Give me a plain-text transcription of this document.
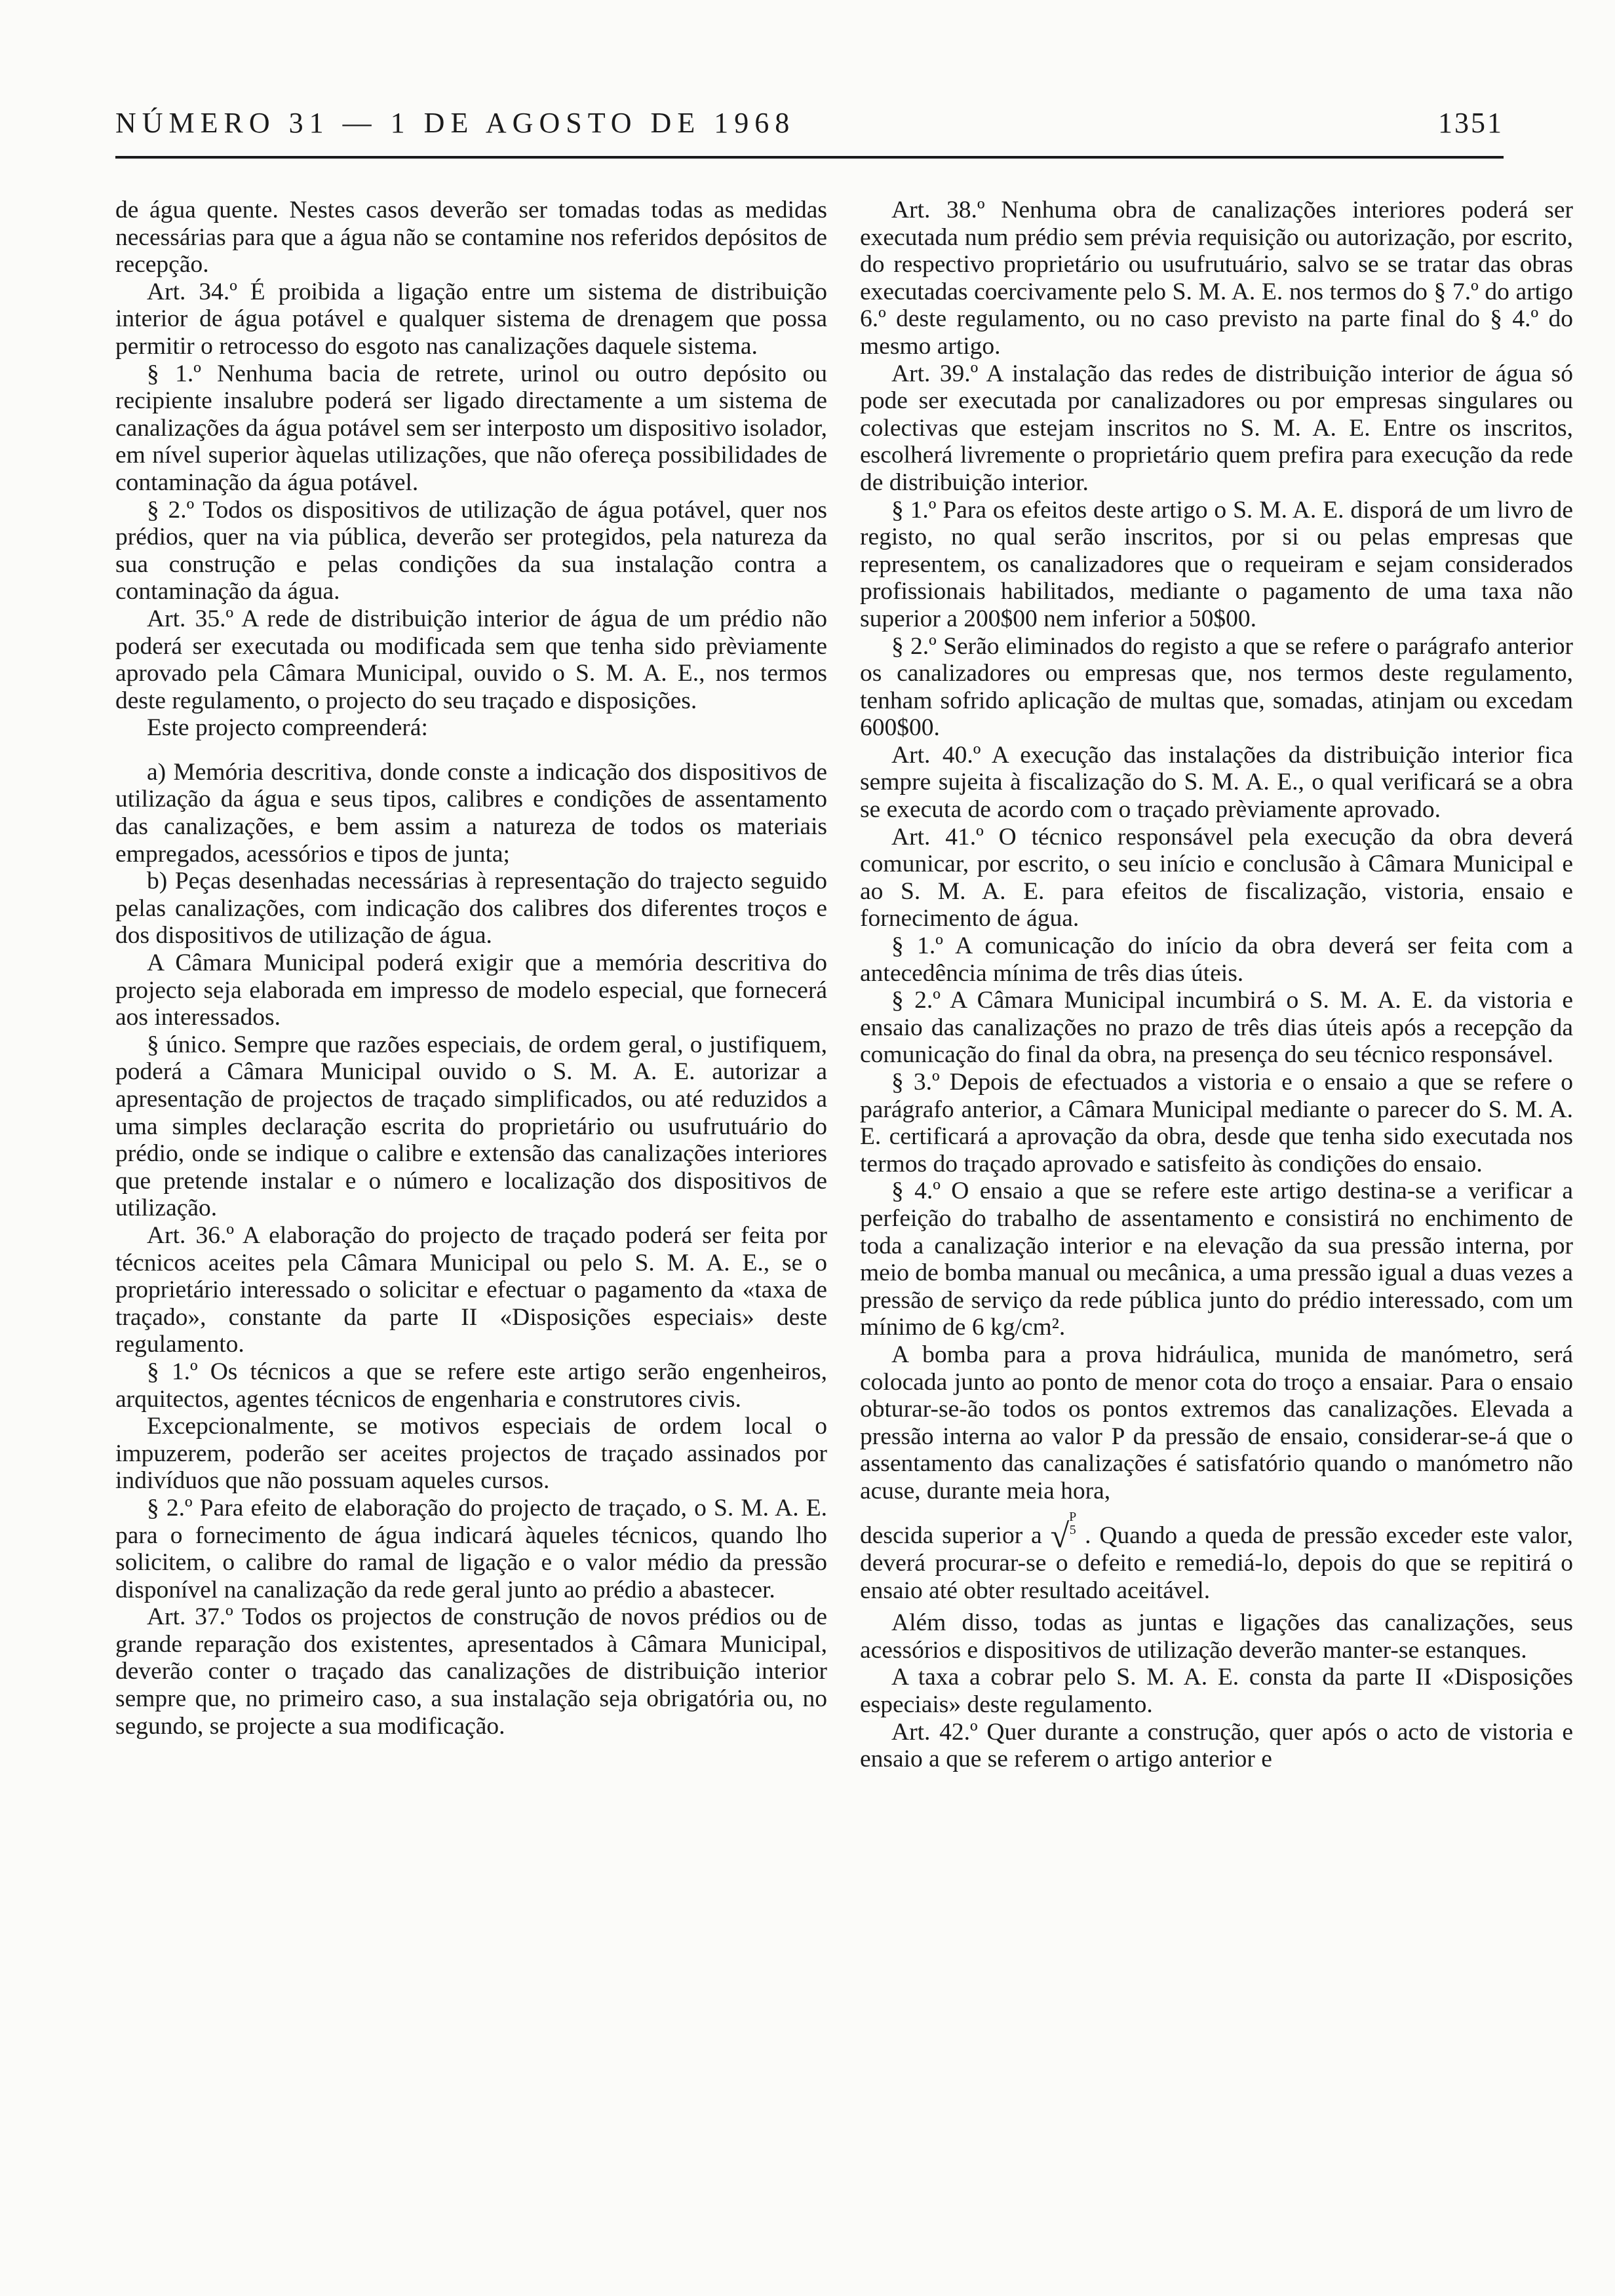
NÚMERO 31 — 1 DE AGOSTO DE 1968	1351

de água quente. Nestes casos deverão ser tomadas todas as medidas necessárias para que a água não se contamine nos referidos depósitos de recepção.

Art. 34.º É proibida a ligação entre um sistema de distribuição interior de água potável e qualquer sistema de drenagem que possa permitir o retrocesso do esgoto nas canalizações daquele sistema.

§ 1.º Nenhuma bacia de retrete, urinol ou outro depósito ou recipiente insalubre poderá ser ligado directamente a um sistema de canalizações da água potável sem ser interposto um dispositivo isolador, em nível superior àquelas utilizações, que não ofereça possibilidades de contaminação da água potável.

§ 2.º Todos os dispositivos de utilização de água potável, quer nos prédios, quer na via pública, deverão ser protegidos, pela natureza da sua construção e pelas condições da sua instalação contra a contaminação da água.

Art. 35.º A rede de distribuição interior de água de um prédio não poderá ser executada ou modificada sem que tenha sido prèviamente aprovado pela Câmara Municipal, ouvido o S. M. A. E., nos termos deste regulamento, o projecto do seu traçado e disposições.

Este projecto compreenderá:

a) Memória descritiva, donde conste a indicação dos dispositivos de utilização da água e seus tipos, calibres e condições de assentamento das canalizações, e bem assim a natureza de todos os materiais empregados, acessórios e tipos de junta;

b) Peças desenhadas necessárias à representação do trajecto seguido pelas canalizações, com indicação dos calibres dos diferentes troços e dos dispositivos de utilização de água.

A Câmara Municipal poderá exigir que a memória descritiva do projecto seja elaborada em impresso de modelo especial, que fornecerá aos interessados.

§ único. Sempre que razões especiais, de ordem geral, o justifiquem, poderá a Câmara Municipal ouvido o S. M. A. E. autorizar a apresentação de projectos de traçado simplificados, ou até reduzidos a uma simples declaração escrita do proprietário ou usufrutuário do prédio, onde se indique o calibre e extensão das canalizações interiores que pretende instalar e o número e localização dos dispositivos de utilização.

Art. 36.º A elaboração do projecto de traçado poderá ser feita por técnicos aceites pela Câmara Municipal ou pelo S. M. A. E., se o proprietário interessado o solicitar e efectuar o pagamento da «taxa de traçado», constante da parte II «Disposições especiais» deste regulamento.

§ 1.º Os técnicos a que se refere este artigo serão engenheiros, arquitectos, agentes técnicos de engenharia e construtores civis.

Excepcionalmente, se motivos especiais de ordem local o impuzerem, poderão ser aceites projectos de traçado assinados por indivíduos que não possuam aqueles cursos.

§ 2.º Para efeito de elaboração do projecto de traçado, o S. M. A. E. para o fornecimento de água indicará àqueles técnicos, quando lho solicitem, o calibre do ramal de ligação e o valor médio da pressão disponível na canalização da rede geral junto ao prédio a abastecer.

Art. 37.º Todos os projectos de construção de novos prédios ou de grande reparação dos existentes, apresentados à Câmara Municipal, deverão conter o traçado das canalizações de distribuição interior sempre que, no primeiro caso, a sua instalação seja obrigatória ou, no segundo, se projecte a sua modificação.

Art. 38.º Nenhuma obra de canalizações interiores poderá ser executada num prédio sem prévia requisição ou autorização, por escrito, do respectivo proprietário ou usufrutuário, salvo se se tratar das obras executadas coercivamente pelo S. M. A. E. nos termos do § 7.º do artigo 6.º deste regulamento, ou no caso previsto na parte final do § 4.º do mesmo artigo.

Art. 39.º A instalação das redes de distribuição interior de água só pode ser executada por canalizadores ou por empresas singulares ou colectivas que estejam inscritos no S. M. A. E. Entre os inscritos, escolherá livremente o proprietário quem prefira para execução da rede de distribuição interior.

§ 1.º Para os efeitos deste artigo o S. M. A. E. disporá de um livro de registo, no qual serão inscritos, por si ou pelas empresas que representem, os canalizadores que o requeiram e sejam considerados profissionais habilitados, mediante o pagamento de uma taxa não superior a 200$00 nem inferior a 50$00.

§ 2.º Serão eliminados do registo a que se refere o parágrafo anterior os canalizadores ou empresas que, nos termos deste regulamento, tenham sofrido aplicação de multas que, somadas, atinjam ou excedam 600$00.

Art. 40.º A execução das instalações da distribuição interior fica sempre sujeita à fiscalização do S. M. A. E., o qual verificará se a obra se executa de acordo com o traçado prèviamente aprovado.

Art. 41.º O técnico responsável pela execução da obra deverá comunicar, por escrito, o seu início e conclusão à Câmara Municipal e ao S. M. A. E. para efeitos de fiscalização, vistoria, ensaio e fornecimento de água.

§ 1.º A comunicação do início da obra deverá ser feita com a antecedência mínima de três dias úteis.

§ 2.º A Câmara Municipal incumbirá o S. M. A. E. da vistoria e ensaio das canalizações no prazo de três dias úteis após a recepção da comunicação do final da obra, na presença do seu técnico responsável.

§ 3.º Depois de efectuados a vistoria e o ensaio a que se refere o parágrafo anterior, a Câmara Municipal mediante o parecer do S. M. A. E. certificará a aprovação da obra, desde que tenha sido executada nos termos do traçado aprovado e satisfeito às condições do ensaio.

§ 4.º O ensaio a que se refere este artigo destina-se a verificar a perfeição do trabalho de assentamento e consistirá no enchimento de toda a canalização interior e na elevação da sua pressão interna, por meio de bomba manual ou mecânica, a uma pressão igual a duas vezes a pressão de serviço da rede pública junto do prédio interessado, com um mínimo de 6 kg/cm².

A bomba para a prova hidráulica, munida de manómetro, será colocada junto ao ponto de menor cota do troço a ensaiar. Para o ensaio obturar-se-ão todos os pontos extremos das canalizações. Elevada a pressão interna ao valor P da pressão de ensaio, considerar-se-á que o assentamento das canalizações é satisfatório quando o manómetro não acuse, durante meia hora,

descida superior a √P
5 . Quando a queda de pressão exceder este valor, deverá procurar-se o defeito e remediá-lo, depois do que se repitirá o ensaio até obter resultado aceitável.

Além disso, todas as juntas e ligações das canalizações, seus acessórios e dispositivos de utilização deverão manter-se estanques.

A taxa a cobrar pelo S. M. A. E. consta da parte II «Disposições especiais» deste regulamento.

Art. 42.º Quer durante a construção, quer após o acto de vistoria e ensaio a que se referem o artigo anterior e
